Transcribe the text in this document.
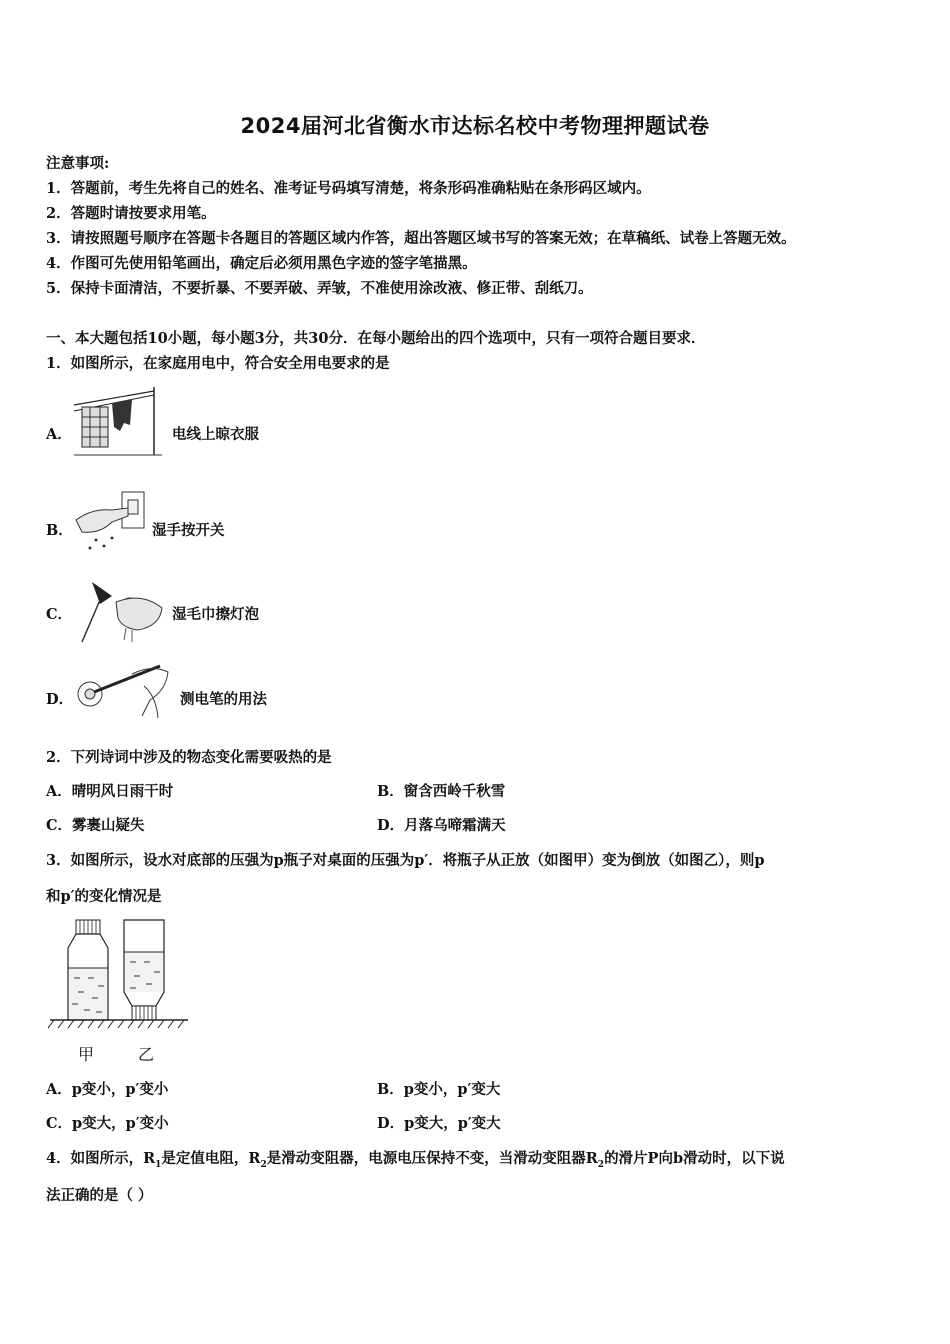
2024届河北省衡水市达标名校中考物理押题试卷
注意事项:
1．答题前，考生先将自己的姓名、准考证号码填写清楚，将条形码准确粘贴在条形码区域内。
2．答题时请按要求用笔。
3．请按照题号顺序在答题卡各题目的答题区域内作答，超出答题区域书写的答案无效；在草稿纸、试卷上答题无效。
4．作图可先使用铅笔画出，确定后必须用黑色字迹的签字笔描黑。
5．保持卡面清洁，不要折暴、不要弄破、弄皱，不准使用涂改液、修正带、刮纸刀。
一、本大题包括10小题，每小题3分，共30分．在每小题给出的四个选项中，只有一项符合题目要求．
1．如图所示，在家庭用电中，符合安全用电要求的是
A．	电线上晾衣服
B．	湿手按开关
C．	湿毛巾擦灯泡
D．	测电笔的用法
2．下列诗词中涉及的物态变化需要吸热的是
A．晴明风日雨干时	B．窗含西岭千秋雪
C．雾裹山疑失	D．月落乌啼霜满天
3．如图所示，设水对底部的压强为p瓶子对桌面的压强为p′．将瓶子从正放（如图甲）变为倒放（如图乙），则p
和p′的变化情况是
甲	乙
A．p变小，p′变小	B．p变小，p′变大
C．p变大，p′变小	D．p变大，p′变大
4．如图所示，$R_1$是定值电阻，$R_2$是滑动变阻器，电源电压保持不变，当滑动变阻器$R_2$的滑片P向b滑动时，以下说
法正确的是（ ）
